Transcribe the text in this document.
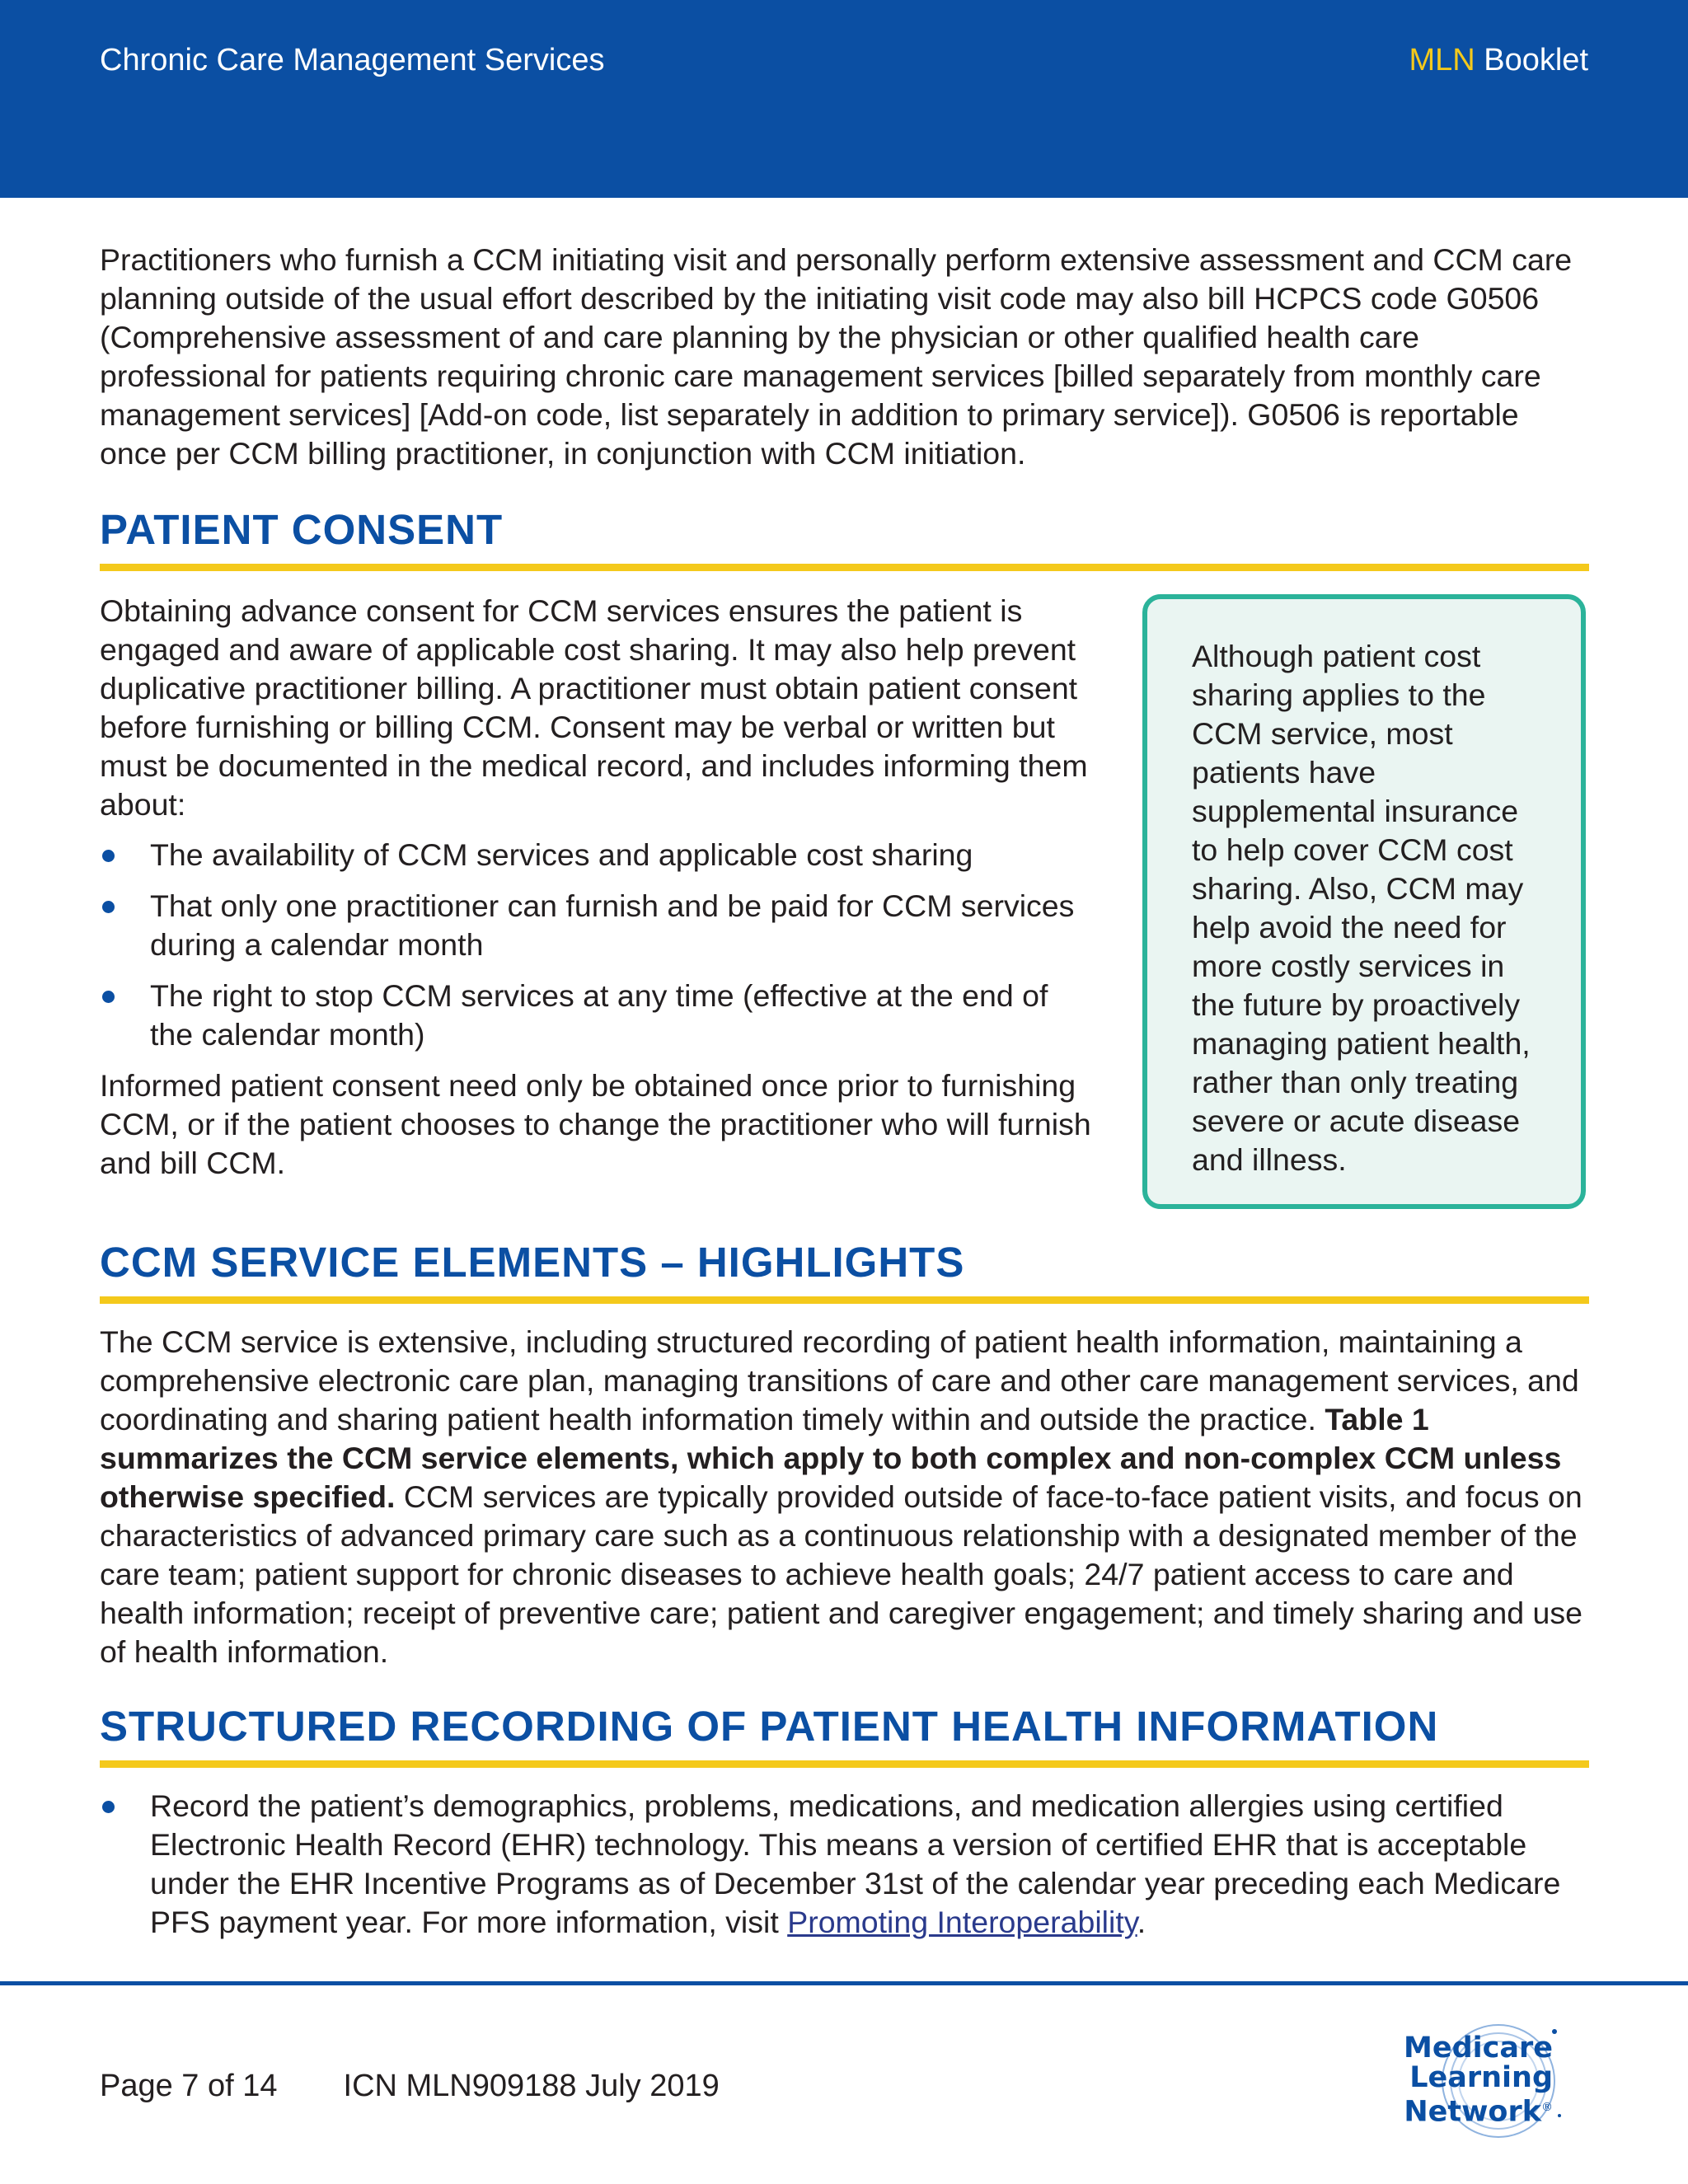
Chronic Care Management Services	MLN Booklet

Practitioners who furnish a CCM initiating visit and personally perform extensive assessment and CCM care planning outside of the usual effort described by the initiating visit code may also bill HCPCS code G0506 (Comprehensive assessment of and care planning by the physician or other qualified health care professional for patients requiring chronic care management services [billed separately from monthly care management services] [Add-on code, list separately in addition to primary service]). G0506 is reportable once per CCM billing practitioner, in conjunction with CCM initiation.

PATIENT CONSENT

Obtaining advance consent for CCM services ensures the patient is engaged and aware of applicable cost sharing. It may also help prevent duplicative practitioner billing. A practitioner must obtain patient consent before furnishing or billing CCM. Consent may be verbal or written but must be documented in the medical record, and includes informing them about:

The availability of CCM services and applicable cost sharing
That only one practitioner can furnish and be paid for CCM services during a calendar month
The right to stop CCM services at any time (effective at the end of the calendar month)

Informed patient consent need only be obtained once prior to furnishing CCM, or if the patient chooses to change the practitioner who will furnish and bill CCM.

Although patient cost sharing applies to the CCM service, most patients have supplemental insurance to help cover CCM cost sharing. Also, CCM may help avoid the need for more costly services in the future by proactively managing patient health, rather than only treating severe or acute disease and illness.

CCM SERVICE ELEMENTS – HIGHLIGHTS

The CCM service is extensive, including structured recording of patient health information, maintaining a comprehensive electronic care plan, managing transitions of care and other care management services, and coordinating and sharing patient health information timely within and outside the practice. Table 1 summarizes the CCM service elements, which apply to both complex and non-complex CCM unless otherwise specified. CCM services are typically provided outside of face-to-face patient visits, and focus on characteristics of advanced primary care such as a continuous relationship with a designated member of the care team; patient support for chronic diseases to achieve health goals; 24/7 patient access to care and health information; receipt of preventive care; patient and caregiver engagement; and timely sharing and use of health information.

STRUCTURED RECORDING OF PATIENT HEALTH INFORMATION
Record the patient’s demographics, problems, medications, and medication allergies using certified Electronic Health Record (EHR) technology. This means a version of certified EHR that is acceptable under the EHR Incentive Programs as of December 31st of the calendar year preceding each Medicare PFS payment year. For more information, visit Promoting Interoperability.
Page 7 of 14 ICN MLN909188 July 2019
Medicare
Learning
Network®
